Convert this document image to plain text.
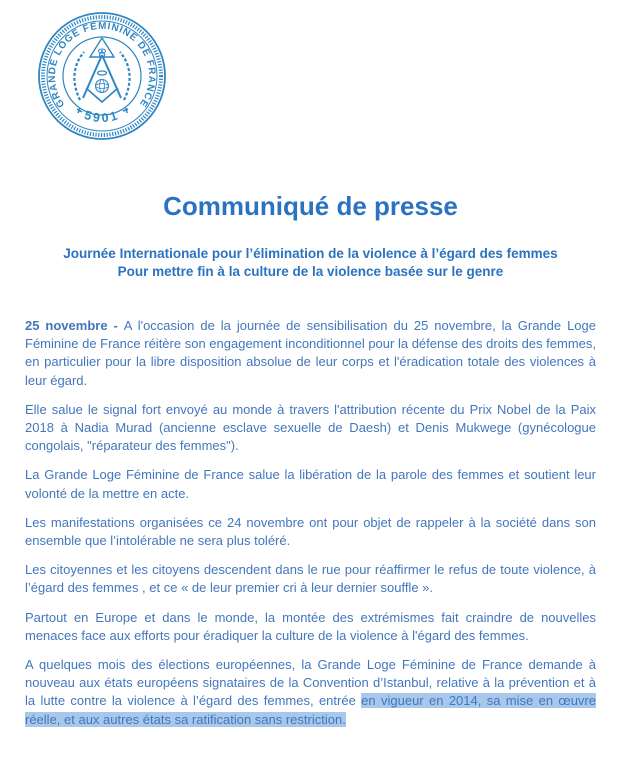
GRANDE LOGE FÉMININE DE FRANCE
5901
Communiqué de presse
Journée Internationale pour l’élimination de la violence à l’égard des femmes
Pour mettre fin à la culture de la violence basée sur le genre

25 novembre - A l'occasion de la journée de sensibilisation du 25 novembre, la Grande Loge Féminine de France réitère son engagement inconditionnel pour la défense des droits des femmes, en particulier pour la libre disposition absolue de leur corps et l'éradication totale des violences à leur égard.

Elle salue le signal fort envoyé au monde à travers l'attribution récente du Prix Nobel de la Paix 2018 à Nadia Murad (ancienne esclave sexuelle de Daesh) et Denis Mukwege (gynécologue congolais, "réparateur des femmes").

La Grande Loge Féminine de France salue la libération de la parole des femmes et soutient leur volonté de la mettre en acte.

Les manifestations organisées ce 24 novembre ont pour objet de rappeler à la société dans son ensemble que l’intolérable ne sera plus toléré.

Les citoyennes et les citoyens descendent dans le rue pour réaffirmer le refus de toute violence, à l’égard des femmes , et ce « de leur premier cri à leur dernier souffle ».

Partout en Europe et dans le monde, la montée des extrémismes fait craindre de nouvelles menaces face aux efforts pour éradiquer la culture de la violence à l'égard des femmes.

A quelques mois des élections européennes, la Grande Loge Féminine de France demande à nouveau aux états européens signataires de la Convention d’Istanbul, relative à la prévention et à la lutte contre la violence à l’égard des femmes, entrée en vigueur en 2014, sa mise en œuvre réelle, et aux autres états sa ratification sans restriction.
